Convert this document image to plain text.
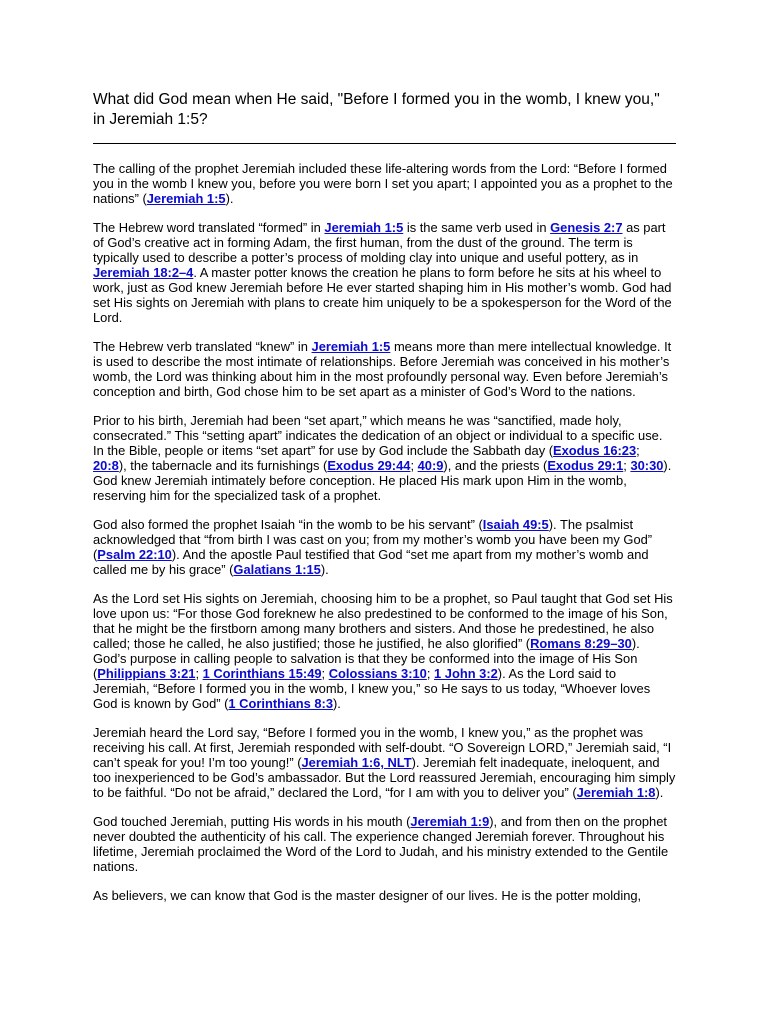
What did God mean when He said, "Before I formed you in the womb, I knew you," in Jeremiah 1:5?

The calling of the prophet Jeremiah included these life-altering words from the Lord: “Before I formed you in the womb I knew you, before you were born I set you apart; I appointed you as a prophet to the nations” (Jeremiah 1:5).

The Hebrew word translated “formed” in Jeremiah 1:5 is the same verb used in Genesis 2:7 as part of God’s creative act in forming Adam, the first human, from the dust of the ground. The term is typically used to describe a potter’s process of molding clay into unique and useful pottery, as in Jeremiah 18:2–4. A master potter knows the creation he plans to form before he sits at his wheel to work, just as God knew Jeremiah before He ever started shaping him in His mother’s womb. God had set His sights on Jeremiah with plans to create him uniquely to be a spokesperson for the Word of the Lord.

The Hebrew verb translated “knew” in Jeremiah 1:5 means more than mere intellectual knowledge. It is used to describe the most intimate of relationships. Before Jeremiah was conceived in his mother’s womb, the Lord was thinking about him in the most profoundly personal way. Even before Jeremiah’s conception and birth, God chose him to be set apart as a minister of God’s Word to the nations.

Prior to his birth, Jeremiah had been “set apart,” which means he was “sanctified, made holy, consecrated.” This “setting apart” indicates the dedication of an object or individual to a specific use. In the Bible, people or items “set apart” for use by God include the Sabbath day (Exodus 16:23; 20:8), the tabernacle and its furnishings (Exodus 29:44; 40:9), and the priests (Exodus 29:1; 30:30). God knew Jeremiah intimately before conception. He placed His mark upon Him in the womb, reserving him for the specialized task of a prophet.

God also formed the prophet Isaiah “in the womb to be his servant” (Isaiah 49:5). The psalmist acknowledged that “from birth I was cast on you; from my mother’s womb you have been my God” (Psalm 22:10). And the apostle Paul testified that God “set me apart from my mother’s womb and called me by his grace” (Galatians 1:15).

As the Lord set His sights on Jeremiah, choosing him to be a prophet, so Paul taught that God set His love upon us: “For those God foreknew he also predestined to be conformed to the image of his Son, that he might be the firstborn among many brothers and sisters. And those he predestined, he also called; those he called, he also justified; those he justified, he also glorified” (Romans 8:29–30). God’s purpose in calling people to salvation is that they be conformed into the image of His Son (Philippians 3:21; 1 Corinthians 15:49; Colossians 3:10; 1 John 3:2). As the Lord said to Jeremiah, “Before I formed you in the womb, I knew you,” so He says to us today, “Whoever loves God is known by God” (1 Corinthians 8:3).

Jeremiah heard the Lord say, “Before I formed you in the womb, I knew you,” as the prophet was receiving his call. At first, Jeremiah responded with self-doubt. “O Sovereign LORD,” Jeremiah said, “I can’t speak for you! I’m too young!” (Jeremiah 1:6, NLT). Jeremiah felt inadequate, ineloquent, and too inexperienced to be God’s ambassador. But the Lord reassured Jeremiah, encouraging him simply to be faithful. “Do not be afraid,” declared the Lord, “for I am with you to deliver you” (Jeremiah 1:8).

God touched Jeremiah, putting His words in his mouth (Jeremiah 1:9), and from then on the prophet never doubted the authenticity of his call. The experience changed Jeremiah forever. Throughout his lifetime, Jeremiah proclaimed the Word of the Lord to Judah, and his ministry extended to the Gentile nations.

As believers, we can know that God is the master designer of our lives. He is the potter molding,
